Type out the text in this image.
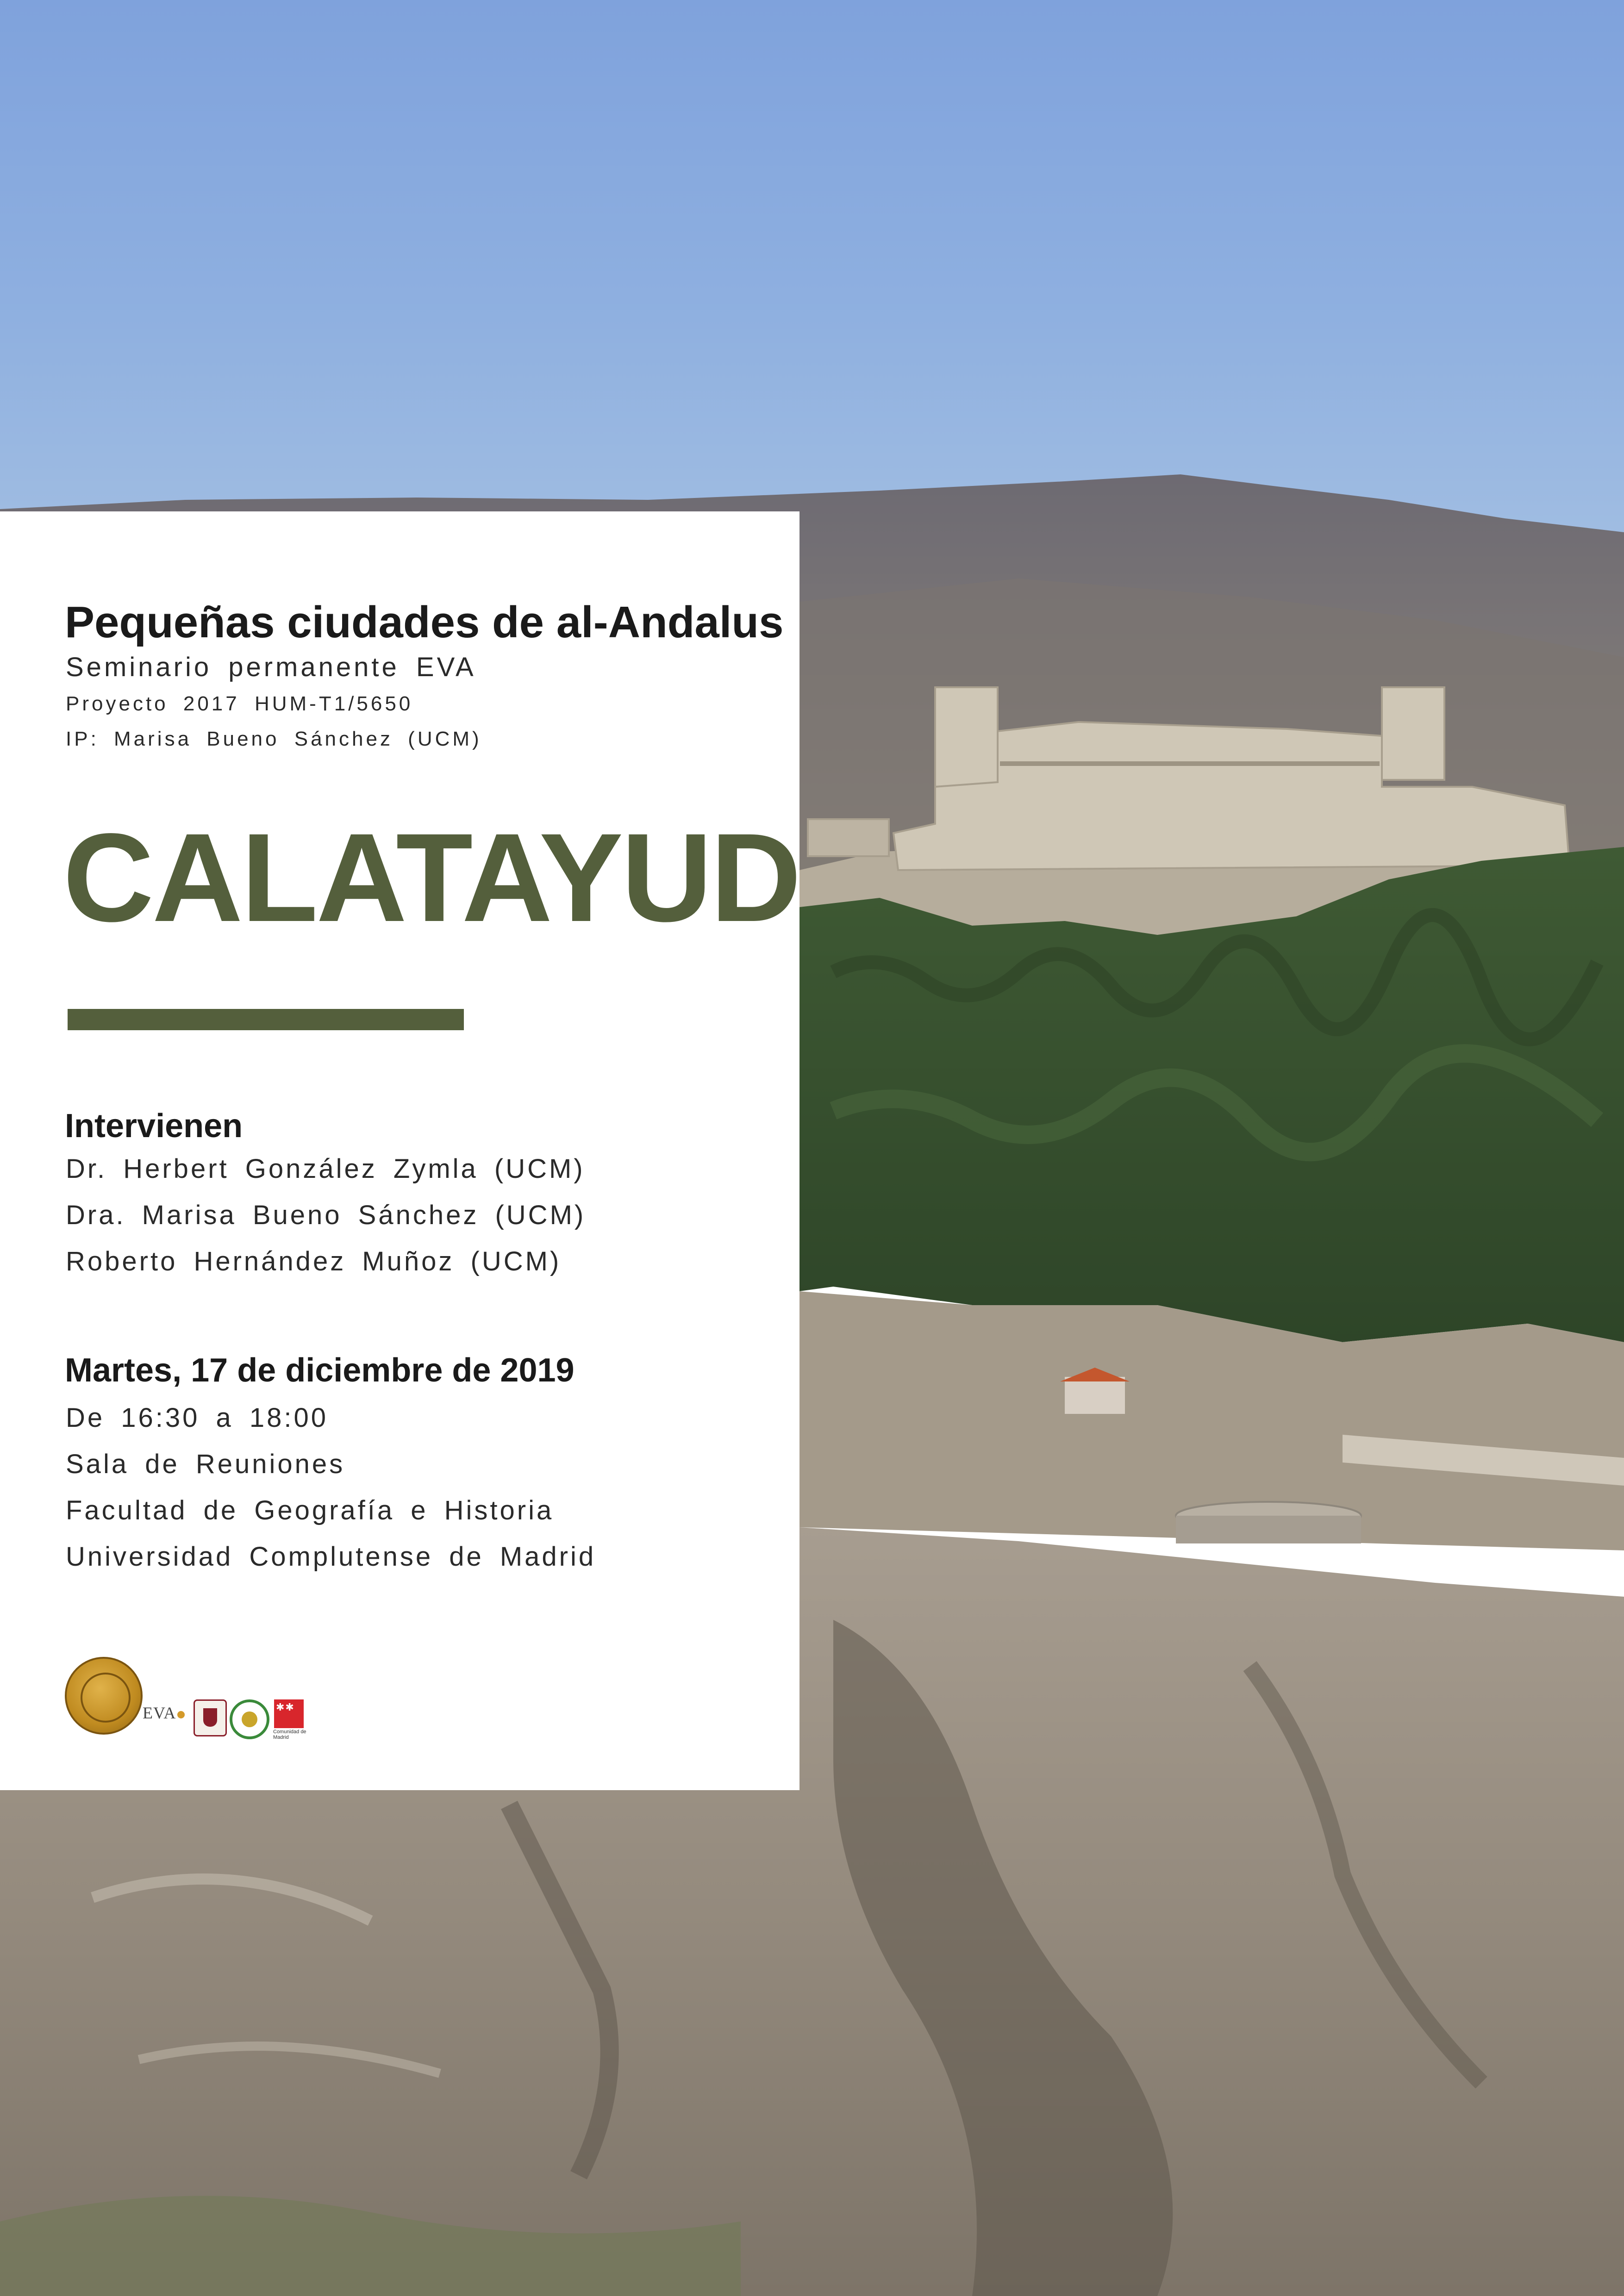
Pequeñas ciudades de al-Andalus
Seminario permanente EVA
Proyecto 2017 HUM-T1/5650
IP: Marisa Bueno Sánchez (UCM)
CALATAYUD
Intervienen
Dr. Herbert González Zymla (UCM)
Dra. Marisa Bueno Sánchez (UCM)
Roberto Hernández Muñoz (UCM)
Martes, 17 de diciembre de 2019
De 16:30 a 18:00
Sala de Reuniones
Facultad de Geografía e Historia
Universidad Complutense de Madrid
EVA
✱✱
Comunidad de Madrid
